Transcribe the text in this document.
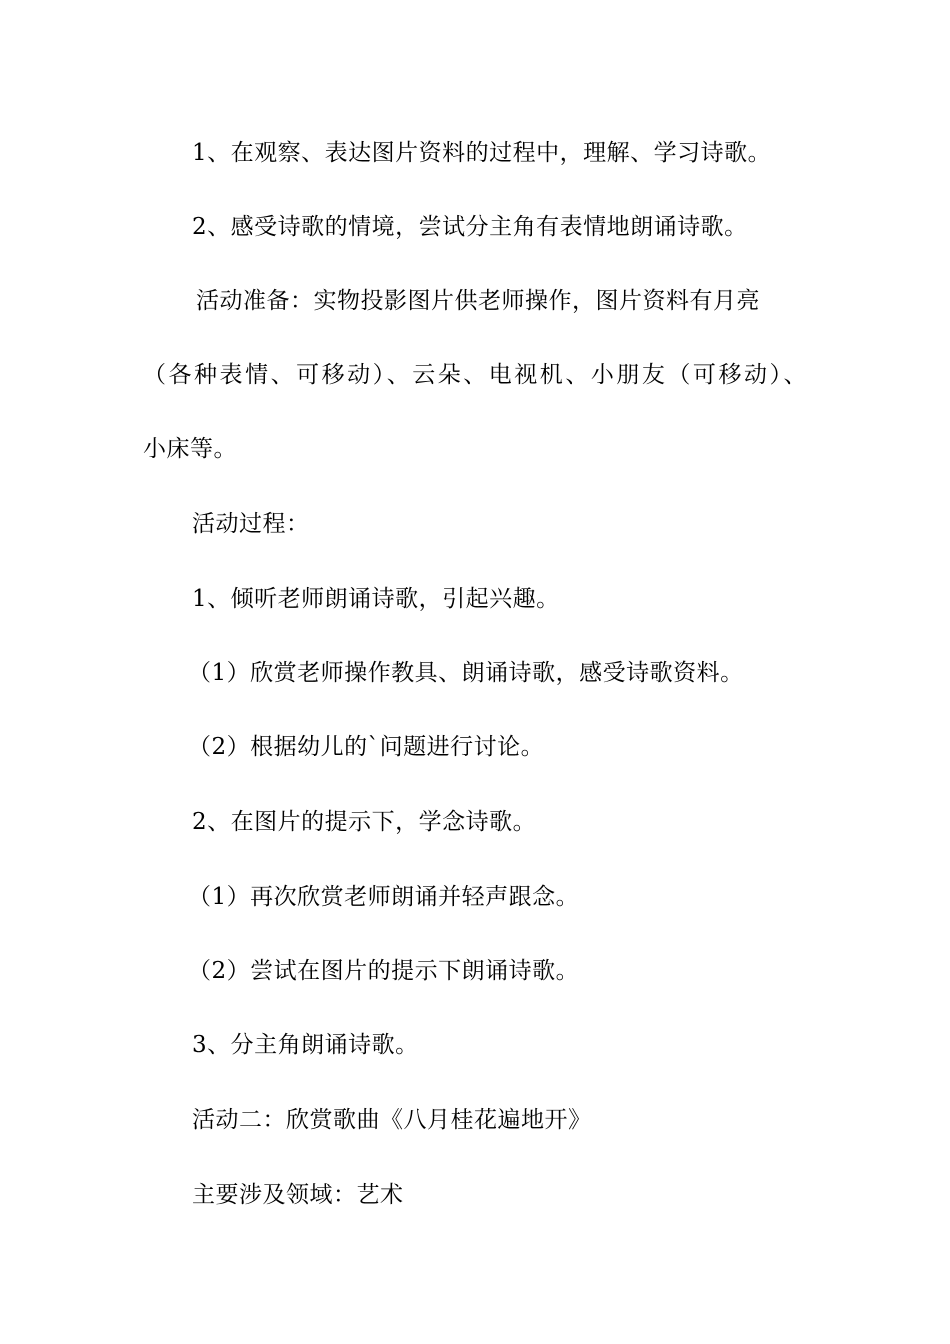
1、在观察、表达图片资料的过程中，理解、学习诗歌。
2、感受诗歌的情境，尝试分主角有表情地朗诵诗歌。
活动准备：实物投影图片供老师操作，图片资料有月亮
（各种表情、可移动）、云朵、电视机、小朋友（可移动）、
小床等。
活动过程：
1、倾听老师朗诵诗歌，引起兴趣。
（1）欣赏老师操作教具、朗诵诗歌，感受诗歌资料。
（2）根据幼儿的`问题进行讨论。
2、在图片的提示下，学念诗歌。
（1）再次欣赏老师朗诵并轻声跟念。
（2）尝试在图片的提示下朗诵诗歌。
3、分主角朗诵诗歌。
活动二：欣赏歌曲《八月桂花遍地开》
主要涉及领域：艺术
